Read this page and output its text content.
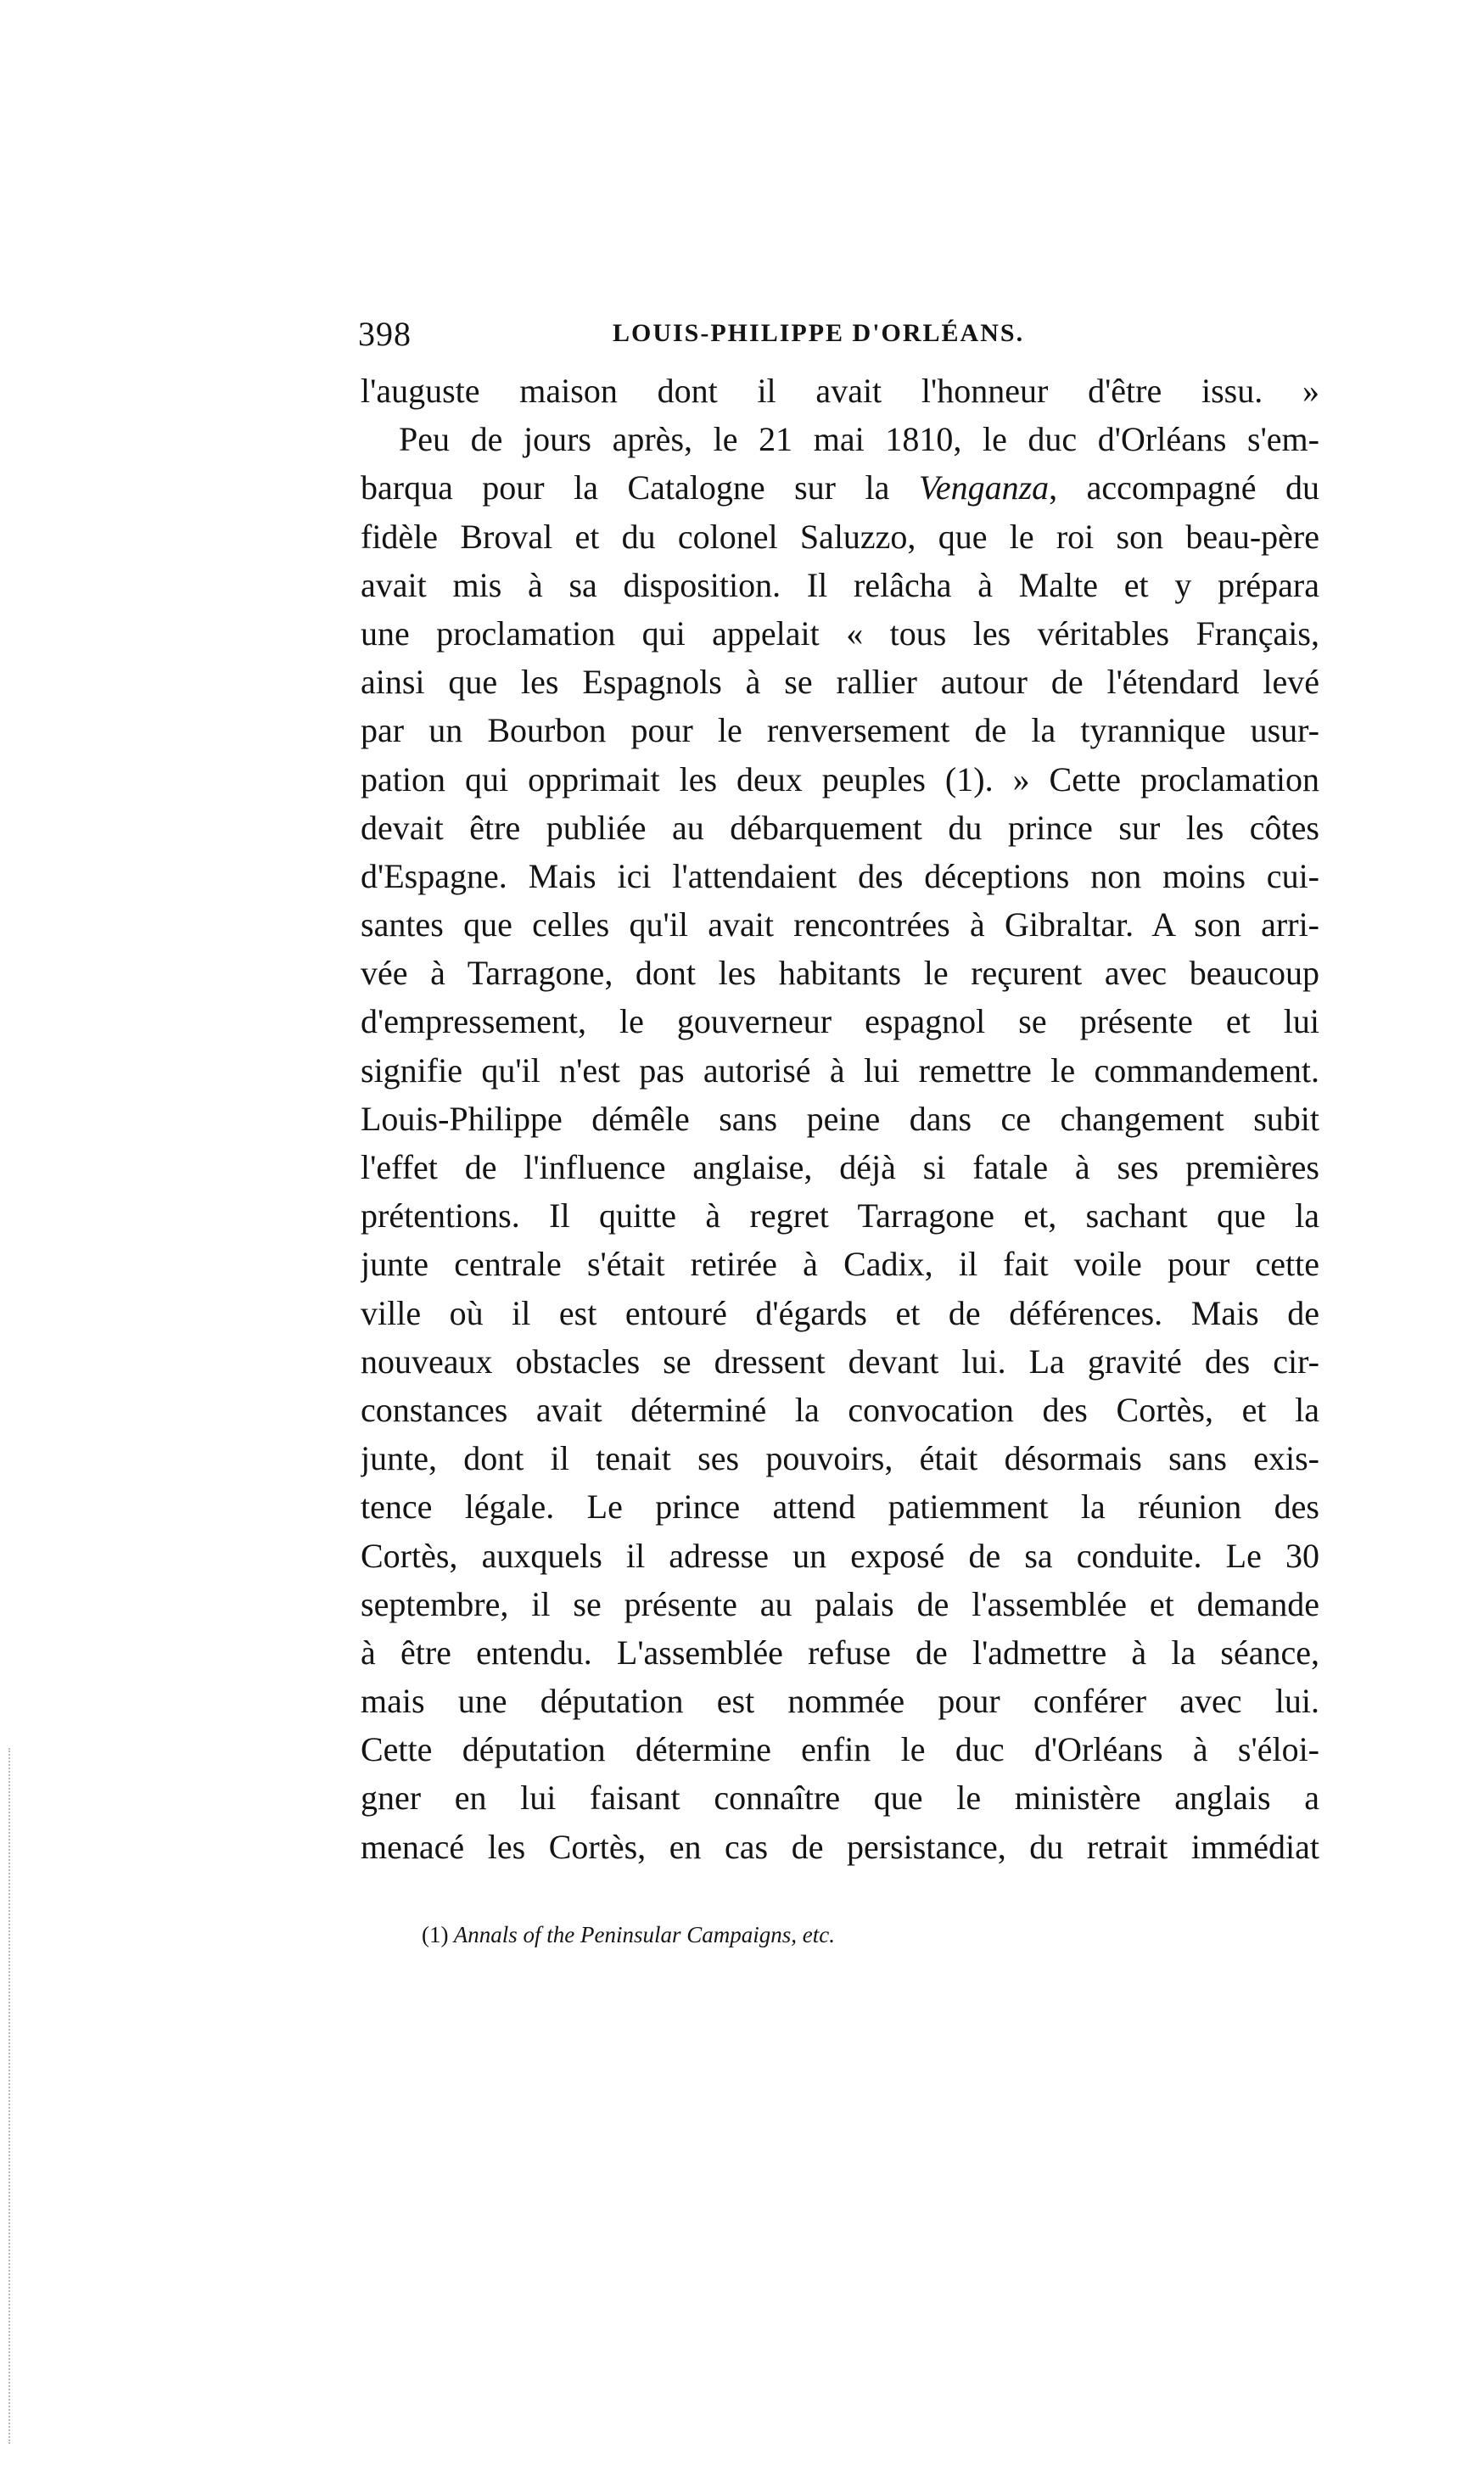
398	LOUIS-PHILIPPE D'ORLÉANS.
l'auguste maison dont il avait l'honneur d'être issu. »
Peu de jours après, le 21 mai 1810, le duc d'Orléans s'em-
barqua pour la Catalogne sur la Venganza, accompagné du
fidèle Broval et du colonel Saluzzo, que le roi son beau-père
avait mis à sa disposition. Il relâcha à Malte et y prépara
une proclamation qui appelait « tous les véritables Français,
ainsi que les Espagnols à se rallier autour de l'étendard levé
par un Bourbon pour le renversement de la tyrannique usur-
pation qui opprimait les deux peuples (1). » Cette proclamation
devait être publiée au débarquement du prince sur les côtes
d'Espagne. Mais ici l'attendaient des déceptions non moins cui-
santes que celles qu'il avait rencontrées à Gibraltar. A son arri-
vée à Tarragone, dont les habitants le reçurent avec beaucoup
d'empressement, le gouverneur espagnol se présente et lui
signifie qu'il n'est pas autorisé à lui remettre le commandement.
Louis-Philippe démêle sans peine dans ce changement subit
l'effet de l'influence anglaise, déjà si fatale à ses premières
prétentions. Il quitte à regret Tarragone et, sachant que la
junte centrale s'était retirée à Cadix, il fait voile pour cette
ville où il est entouré d'égards et de déférences. Mais de
nouveaux obstacles se dressent devant lui. La gravité des cir-
constances avait déterminé la convocation des Cortès, et la
junte, dont il tenait ses pouvoirs, était désormais sans exis-
tence légale. Le prince attend patiemment la réunion des
Cortès, auxquels il adresse un exposé de sa conduite. Le 30
septembre, il se présente au palais de l'assemblée et demande
à être entendu. L'assemblée refuse de l'admettre à la séance,
mais une députation est nommée pour conférer avec lui.
Cette députation détermine enfin le duc d'Orléans à s'éloi-
gner en lui faisant connaître que le ministère anglais a
menacé les Cortès, en cas de persistance, du retrait immédiat
(1) Annals of the Peninsular Campaigns, etc.
